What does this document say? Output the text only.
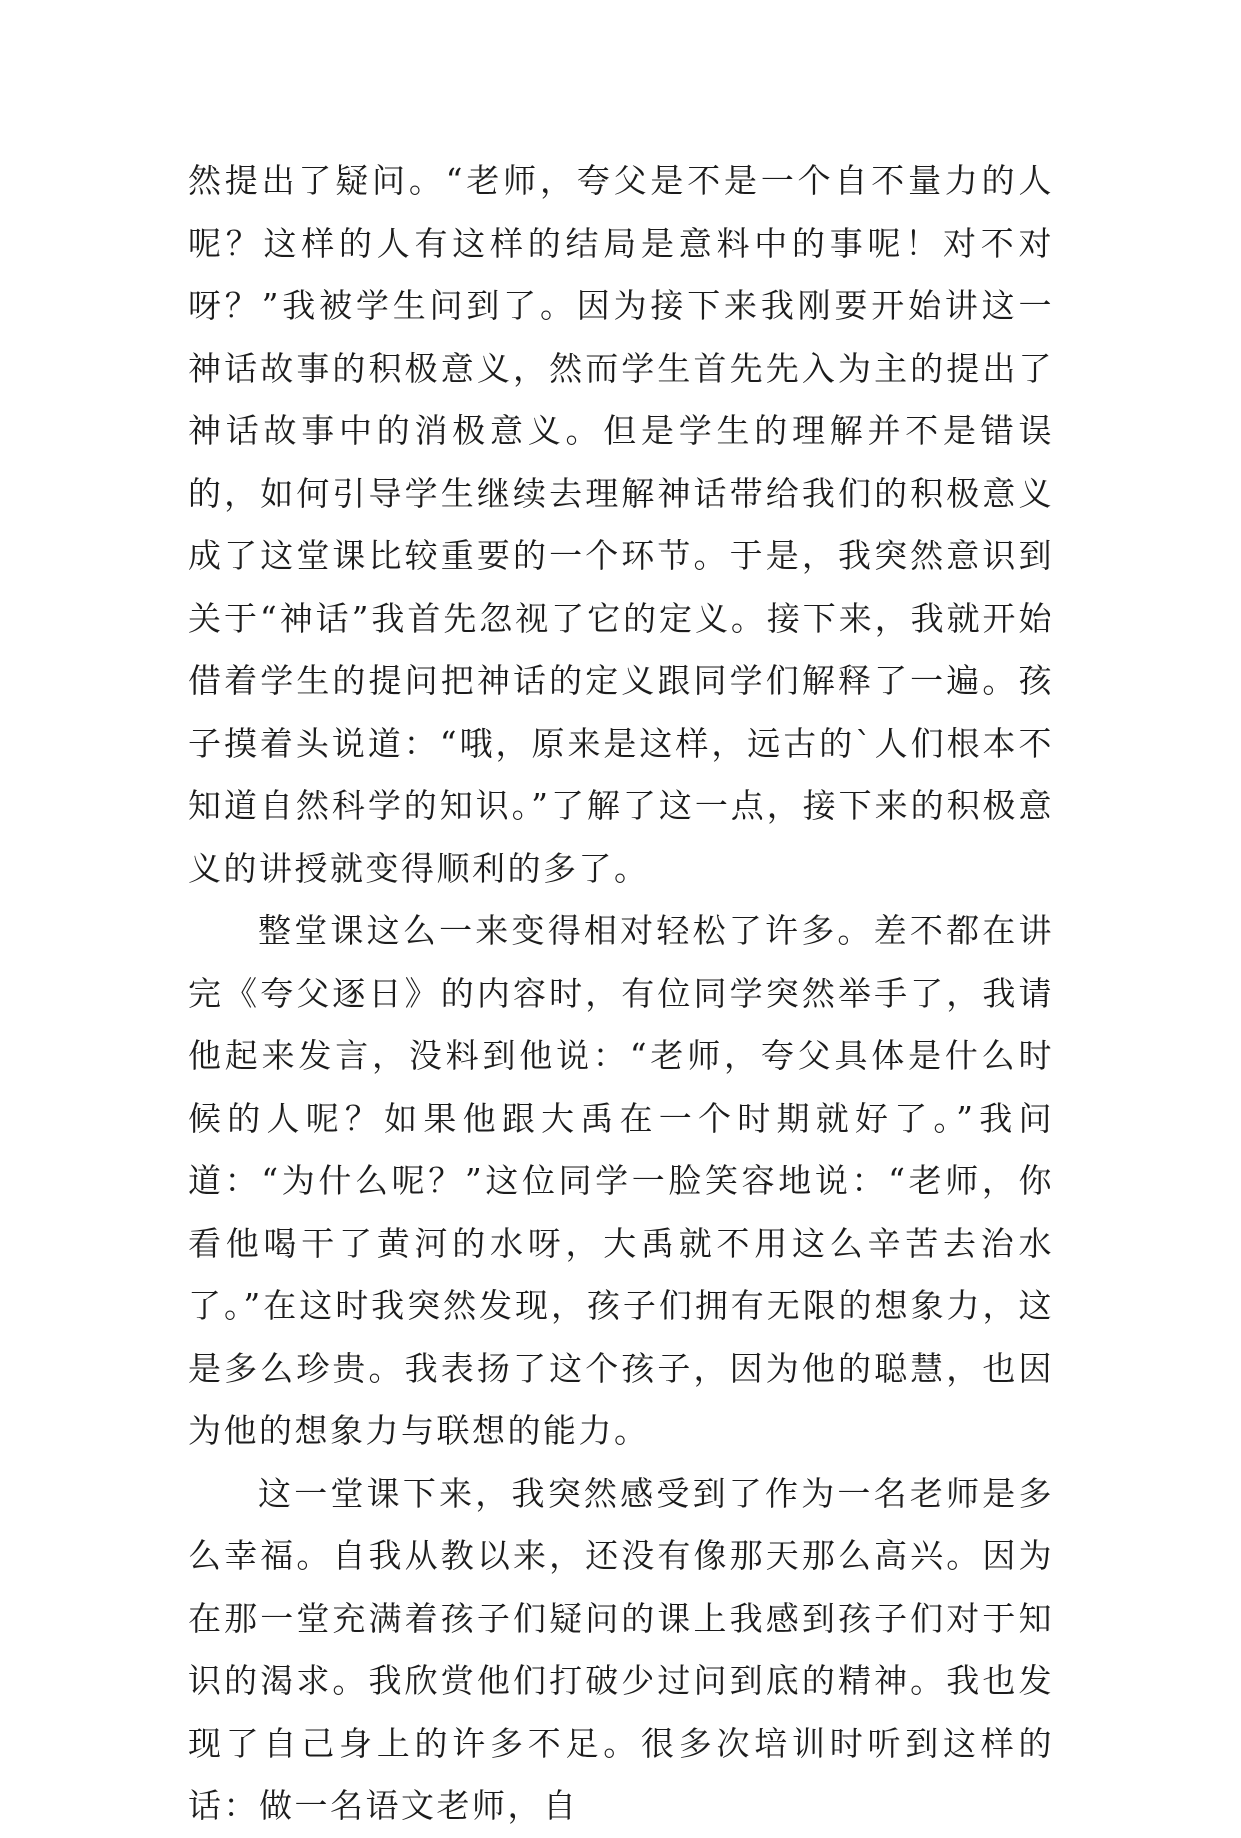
然提出了疑问。“老师，夸父是不是一个自不量力的人呢？这样的人有这样的结局是意料中的事呢！对不对呀？”我被学生问到了。因为接下来我刚要开始讲这一神话故事的积极意义，然而学生首先先入为主的提出了神话故事中的消极意义。但是学生的理解并不是错误的，如何引导学生继续去理解神话带给我们的积极意义成了这堂课比较重要的一个环节。于是，我突然意识到关于“神话”我首先忽视了它的定义。接下来，我就开始借着学生的提问把神话的定义跟同学们解释了一遍。孩子摸着头说道：“哦，原来是这样，远古的`人们根本不知道自然科学的知识。”了解了这一点，接下来的积极意义的讲授就变得顺利的多了。

整堂课这么一来变得相对轻松了许多。差不都在讲完《夸父逐日》的内容时，有位同学突然举手了，我请他起来发言，没料到他说：“老师，夸父具体是什么时候的人呢？如果他跟大禹在一个时期就好了。”我问道：“为什么呢？”这位同学一脸笑容地说：“老师，你看他喝干了黄河的水呀，大禹就不用这么辛苦去治水了。”在这时我突然发现，孩子们拥有无限的想象力，这是多么珍贵。我表扬了这个孩子，因为他的聪慧，也因为他的想象力与联想的能力。

这一堂课下来，我突然感受到了作为一名老师是多么幸福。自我从教以来，还没有像那天那么高兴。因为在那一堂充满着孩子们疑问的课上我感到孩子们对于知识的渴求。我欣赏他们打破少过问到底的精神。我也发现了自己身上的许多不足。很多次培训时听到这样的话：做一名语文老师，自
